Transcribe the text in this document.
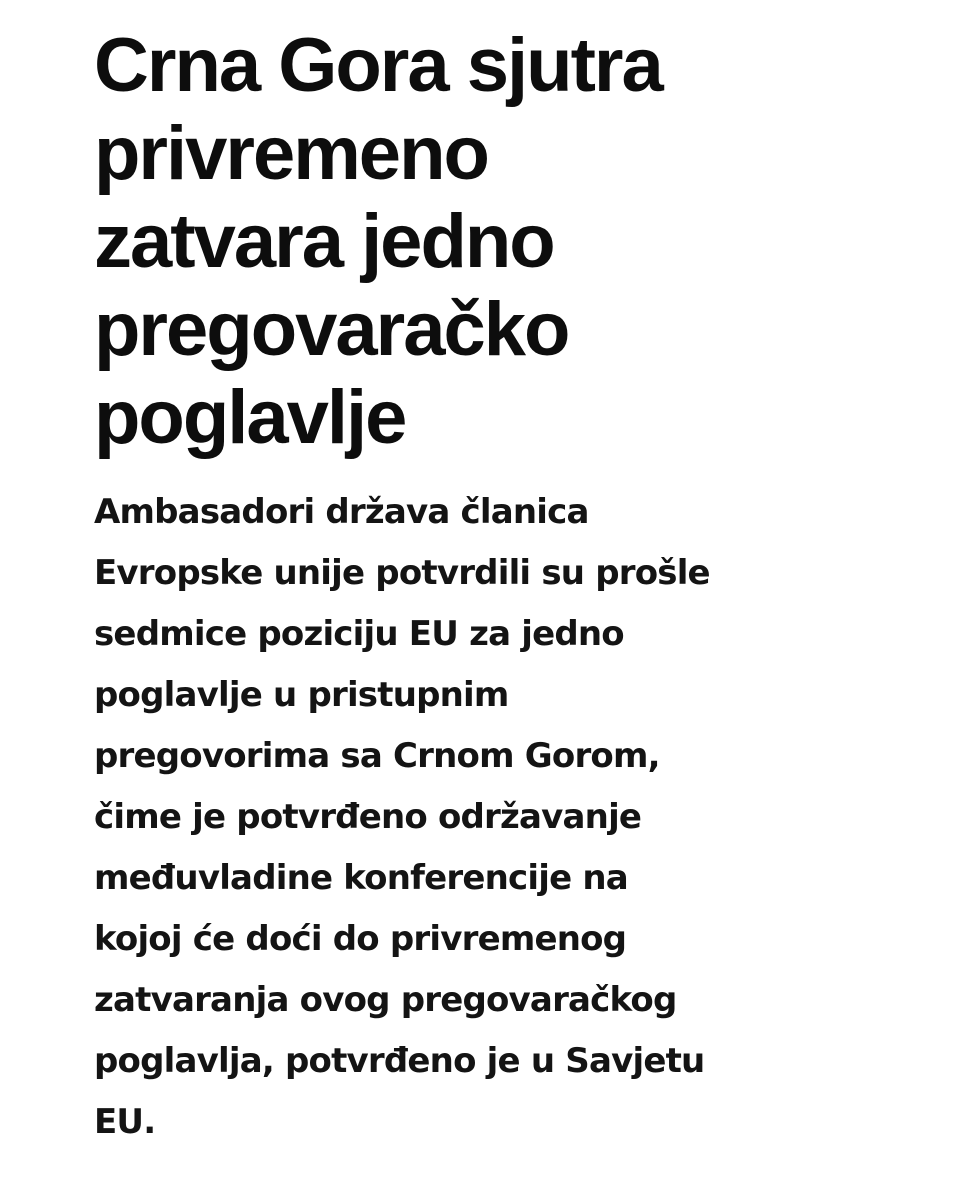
Crna Gora sjutra
privremeno
zatvara jedno
pregovaračko
poglavlje

Ambasadori država članica
Evropske unije potvrdili su prošle
sedmice poziciju EU za jedno
poglavlje u pristupnim
pregovorima sa Crnom Gorom,
čime je potvrđeno održavanje
međuvladine konferencije na
kojoj će doći do privremenog
zatvaranja ovog pregovaračkog
poglavlja, potvrđeno je u Savjetu
EU.
